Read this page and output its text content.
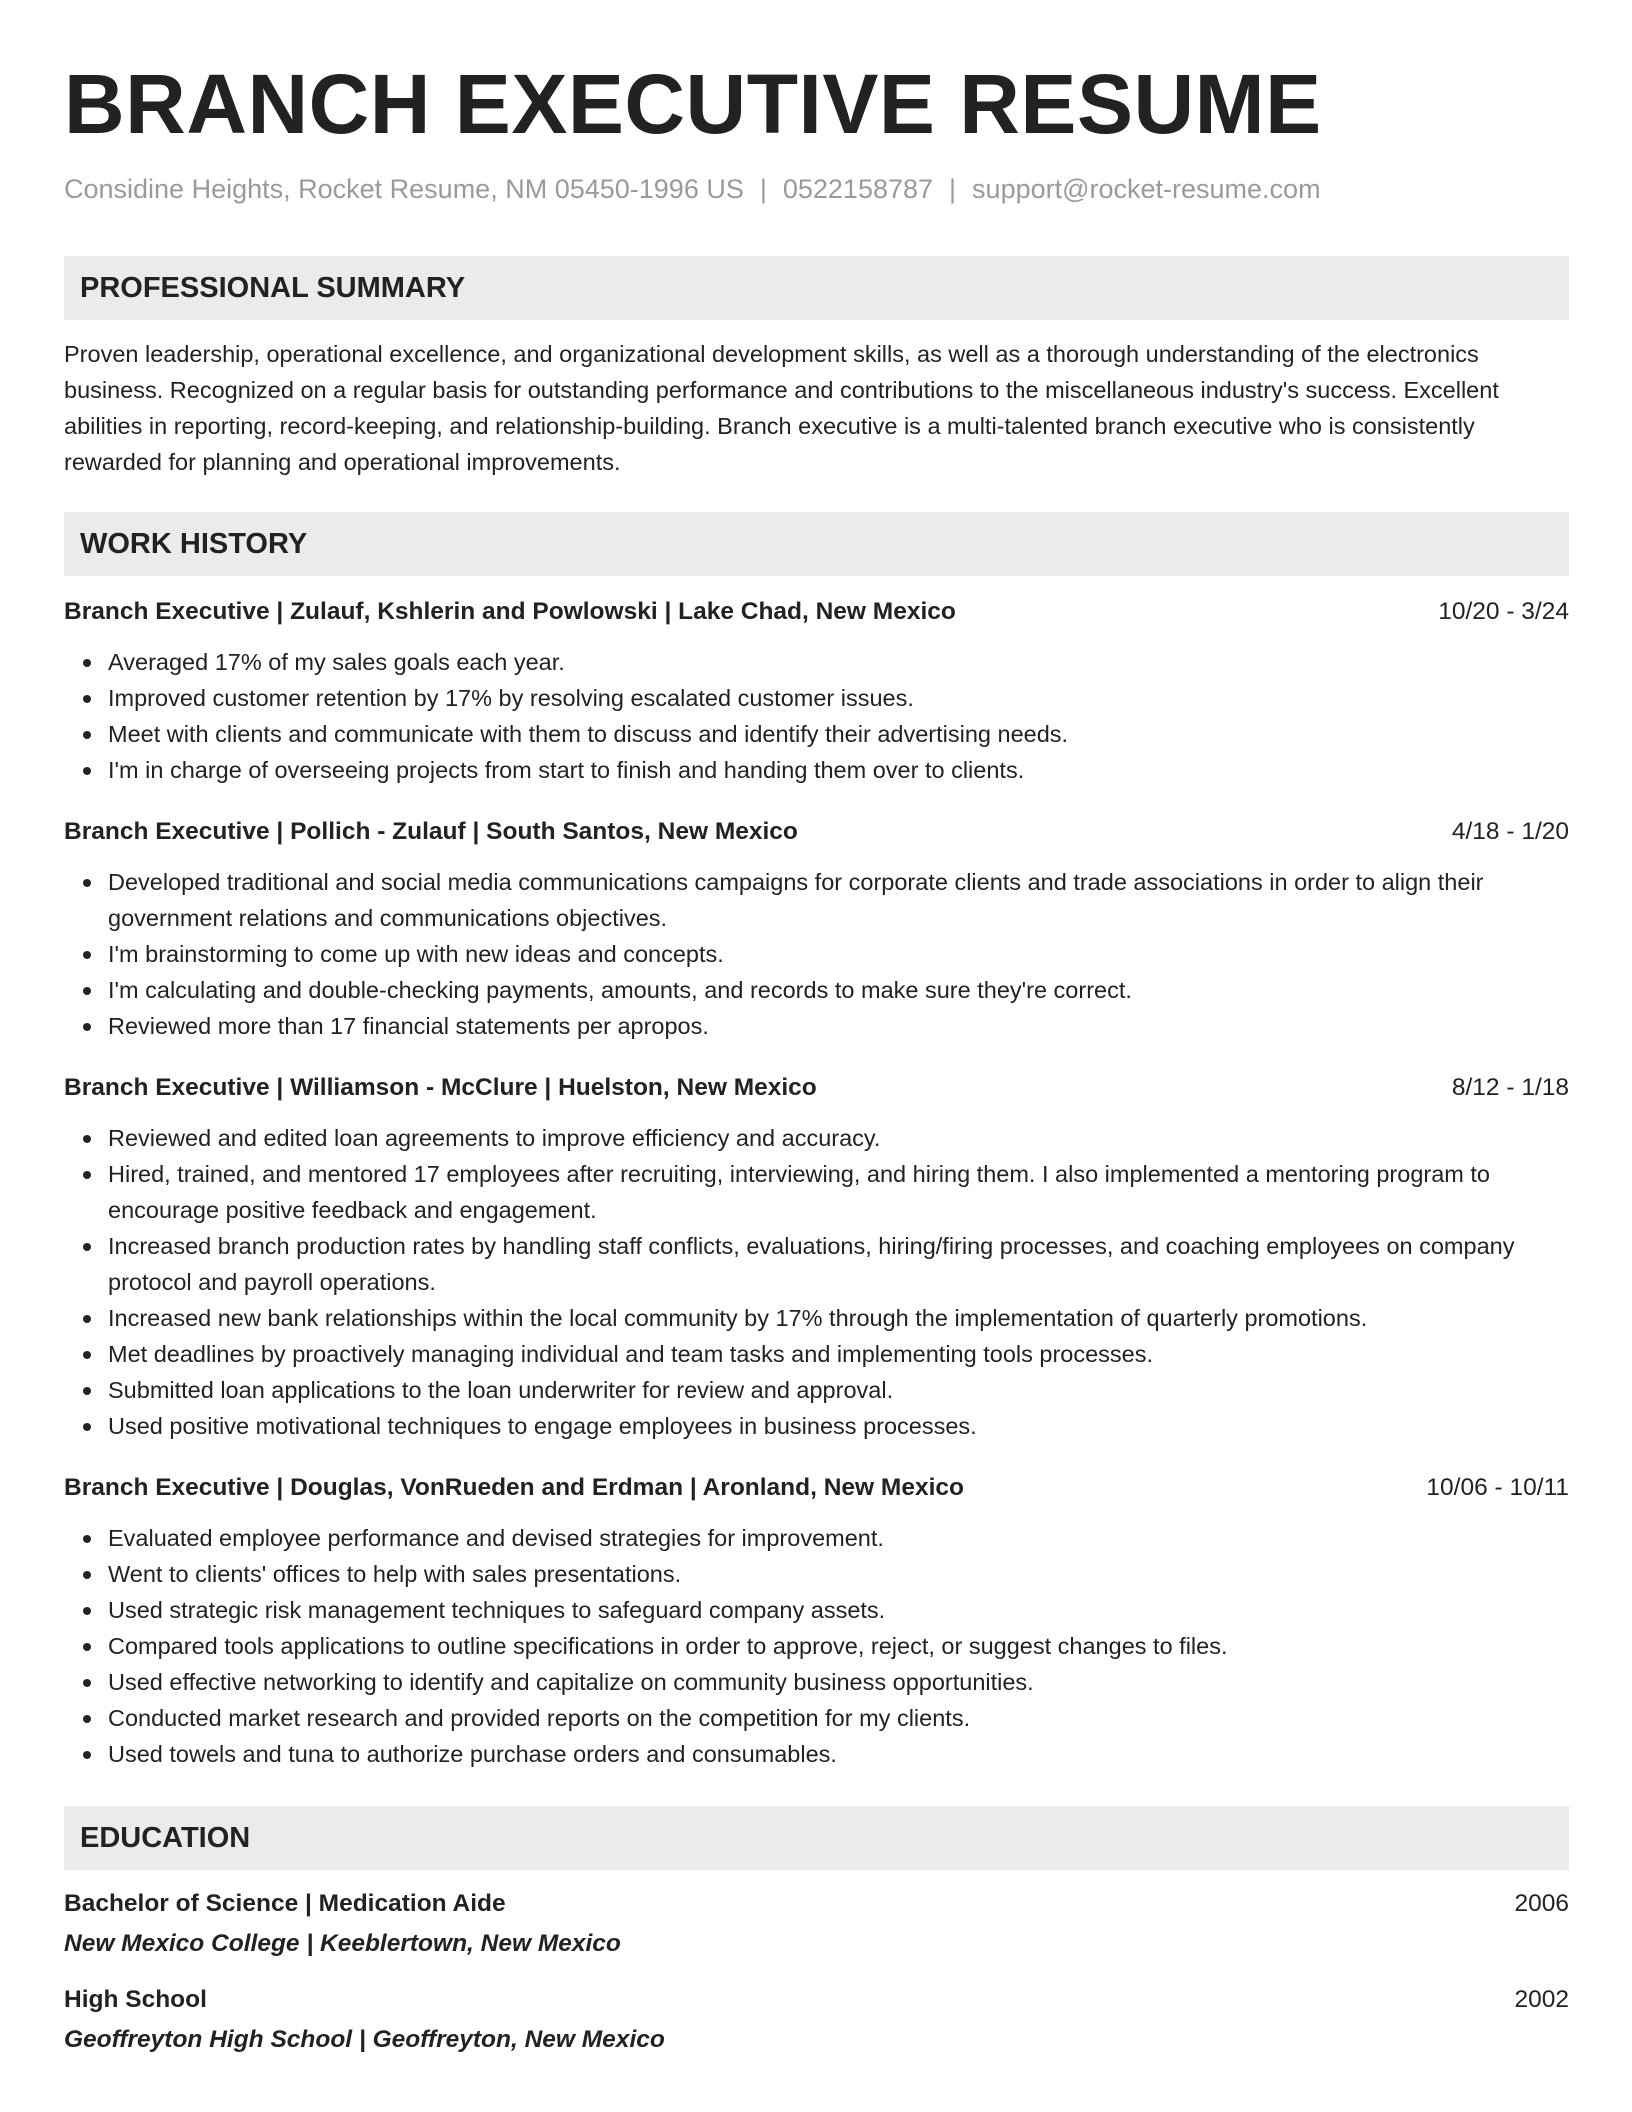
BRANCH EXECUTIVE RESUME
Considine Heights, Rocket Resume, NM 05450-1996 US | 0522158787 | support@rocket-resume.com
PROFESSIONAL SUMMARY

Proven leadership, operational excellence, and organizational development skills, as well as a thorough understanding of the electronics business. Recognized on a regular basis for outstanding performance and contributions to the miscellaneous industry's success. Excellent abilities in reporting, record-keeping, and relationship-building. Branch executive is a multi-talented branch executive who is consistently rewarded for planning and operational improvements.

WORK HISTORY
Branch Executive | Zulauf, Kshlerin and Powlowski | Lake Chad, New Mexico	10/20 - 3/24
Averaged 17% of my sales goals each year.
Improved customer retention by 17% by resolving escalated customer issues.
Meet with clients and communicate with them to discuss and identify their advertising needs.
I'm in charge of overseeing projects from start to finish and handing them over to clients.
Branch Executive | Pollich - Zulauf | South Santos, New Mexico	4/18 - 1/20
Developed traditional and social media communications campaigns for corporate clients and trade associations in order to align their government relations and communications objectives.
I'm brainstorming to come up with new ideas and concepts.
I'm calculating and double-checking payments, amounts, and records to make sure they're correct.
Reviewed more than 17 financial statements per apropos.
Branch Executive | Williamson - McClure | Huelston, New Mexico	8/12 - 1/18
Reviewed and edited loan agreements to improve efficiency and accuracy.
Hired, trained, and mentored 17 employees after recruiting, interviewing, and hiring them. I also implemented a mentoring program to encourage positive feedback and engagement.
Increased branch production rates by handling staff conflicts, evaluations, hiring/firing processes, and coaching employees on company protocol and payroll operations.
Increased new bank relationships within the local community by 17% through the implementation of quarterly promotions.
Met deadlines by proactively managing individual and team tasks and implementing tools processes.
Submitted loan applications to the loan underwriter for review and approval.
Used positive motivational techniques to engage employees in business processes.
Branch Executive | Douglas, VonRueden and Erdman | Aronland, New Mexico	10/06 - 10/11
Evaluated employee performance and devised strategies for improvement.
Went to clients' offices to help with sales presentations.
Used strategic risk management techniques to safeguard company assets.
Compared tools applications to outline specifications in order to approve, reject, or suggest changes to files.
Used effective networking to identify and capitalize on community business opportunities.
Conducted market research and provided reports on the competition for my clients.
Used towels and tuna to authorize purchase orders and consumables.
EDUCATION
Bachelor of Science | Medication Aide	2006
New Mexico College | Keeblertown, New Mexico
High School	2002
Geoffreyton High School | Geoffreyton, New Mexico
